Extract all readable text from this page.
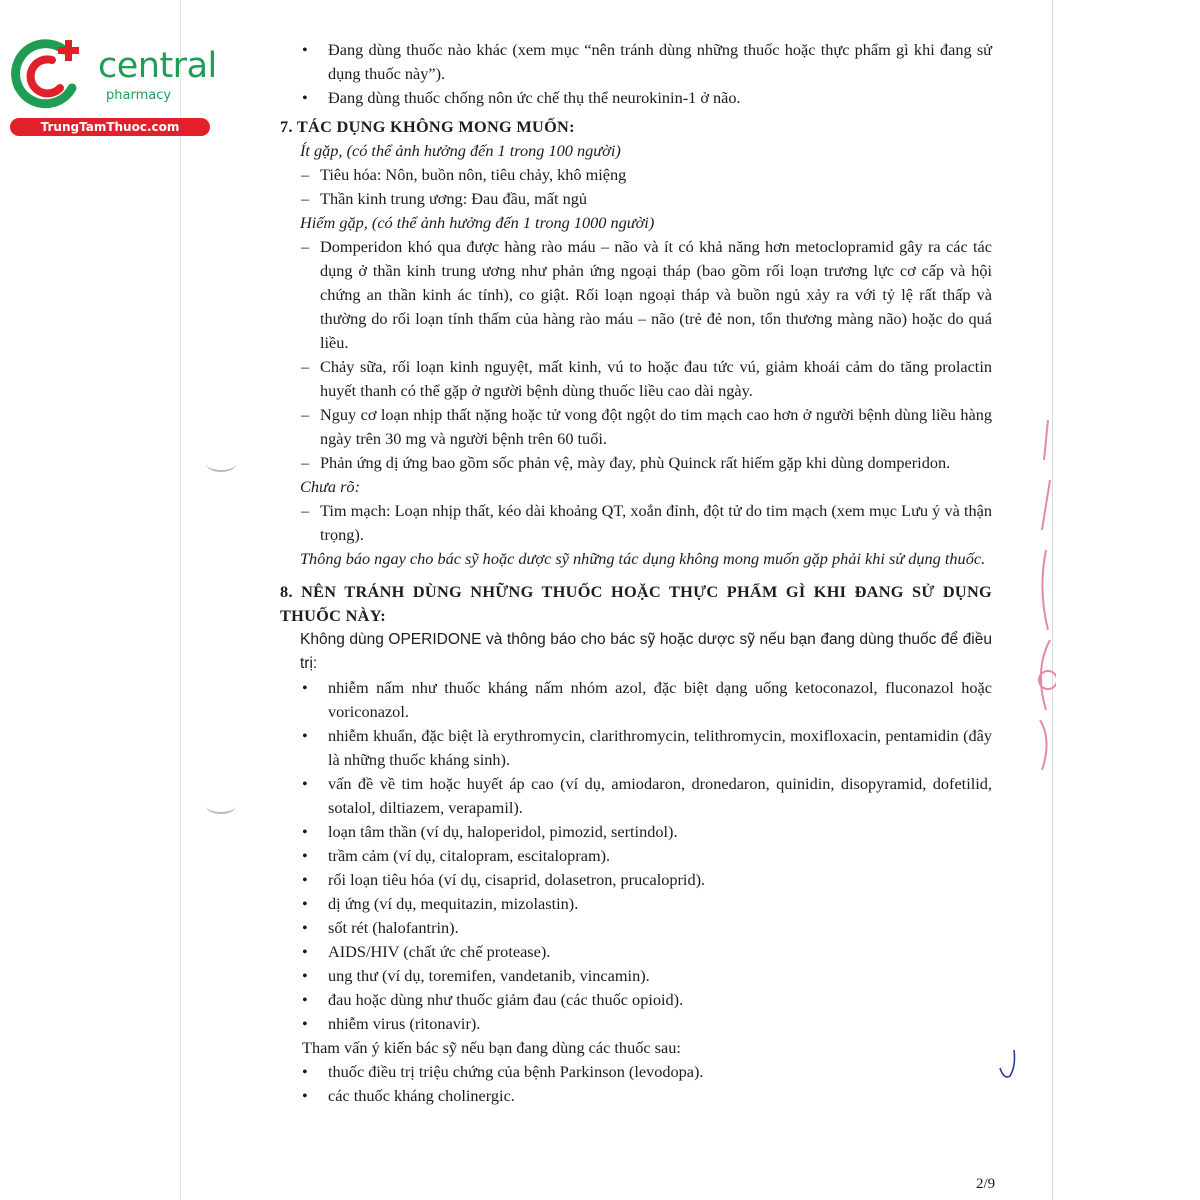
central
pharmacy
TrungTamThuoc.com
• Đang dùng thuốc nào khác (xem mục “nên tránh dùng những thuốc hoặc thực phẩm gì khi đang sử dụng thuốc này”).
• Đang dùng thuốc chống nôn ức chế thụ thể neurokinin-1 ở não.
7. TÁC DỤNG KHÔNG MONG MUỐN:
Ít gặp, (có thể ảnh hưởng đến 1 trong 100 người)
– Tiêu hóa: Nôn, buồn nôn, tiêu chảy, khô miệng
– Thần kinh trung ương: Đau đầu, mất ngủ
Hiếm gặp, (có thể ảnh hưởng đến 1 trong 1000 người)
– Domperidon khó qua được hàng rào máu – não và ít có khả năng hơn metoclopramid gây ra các tác dụng ở thần kinh trung ương như phản ứng ngoại tháp (bao gồm rối loạn trương lực cơ cấp và hội chứng an thần kinh ác tính), co giật. Rối loạn ngoại tháp và buồn ngủ xảy ra với tỷ lệ rất thấp và thường do rối loạn tính thấm của hàng rào máu – não (trẻ đẻ non, tổn thương màng não) hoặc do quá liều.
– Chảy sữa, rối loạn kinh nguyệt, mất kinh, vú to hoặc đau tức vú, giảm khoái cảm do tăng prolactin huyết thanh có thể gặp ở người bệnh dùng thuốc liều cao dài ngày.
– Nguy cơ loạn nhịp thất nặng hoặc tử vong đột ngột do tim mạch cao hơn ở người bệnh dùng liều hàng ngày trên 30 mg và người bệnh trên 60 tuổi.
– Phản ứng dị ứng bao gồm sốc phản vệ, mày đay, phù Quinck rất hiếm gặp khi dùng domperidon.
Chưa rõ:
– Tim mạch: Loạn nhịp thất, kéo dài khoảng QT, xoắn đỉnh, đột tử do tim mạch (xem mục Lưu ý và thận trọng).
Thông báo ngay cho bác sỹ hoặc dược sỹ những tác dụng không mong muốn gặp phải khi sử dụng thuốc.
8. NÊN TRÁNH DÙNG NHỮNG THUỐC HOẶC THỰC PHẨM GÌ KHI ĐANG SỬ DỤNG THUỐC NÀY:
Không dùng OPERIDONE và thông báo cho bác sỹ hoặc dược sỹ nếu bạn đang dùng thuốc để điều trị:
• nhiễm nấm như thuốc kháng nấm nhóm azol, đặc biệt dạng uống ketoconazol, fluconazol hoặc voriconazol.
• nhiễm khuẩn, đặc biệt là erythromycin, clarithromycin, telithromycin, moxifloxacin, pentamidin (đây là những thuốc kháng sinh).
• vấn đề về tim hoặc huyết áp cao (ví dụ, amiodaron, dronedaron, quinidin, disopyramid, dofetilid, sotalol, diltiazem, verapamil).
• loạn tâm thần (ví dụ, haloperidol, pimozid, sertindol).
• trầm cảm (ví dụ, citalopram, escitalopram).
• rối loạn tiêu hóa (ví dụ, cisaprid, dolasetron, prucaloprid).
• dị ứng (ví dụ, mequitazin, mizolastin).
• sốt rét (halofantrin).
• AIDS/HIV (chất ức chế protease).
• ung thư (ví dụ, toremifen, vandetanib, vincamin).
• đau hoặc dùng như thuốc giảm đau (các thuốc opioid).
• nhiễm virus (ritonavir).
Tham vấn ý kiến bác sỹ nếu bạn đang dùng các thuốc sau:
• thuốc điều trị triệu chứng của bệnh Parkinson (levodopa).
• các thuốc kháng cholinergic.
2/9
